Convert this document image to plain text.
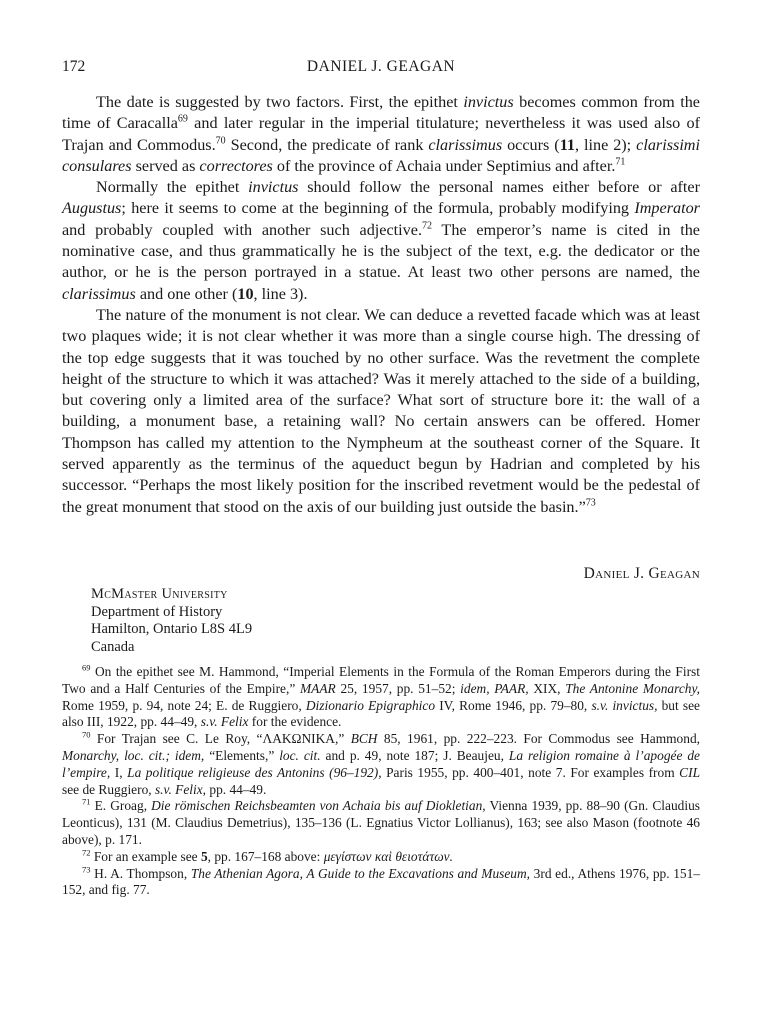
172	DANIEL J. GEAGAN

The date is suggested by two factors. First, the epithet invictus becomes common from the time of Caracalla$^{69}$ and later regular in the imperial titulature; nevertheless it was used also of Trajan and Commodus.$^{70}$ Second, the predicate of rank clarissimus occurs (11, line 2); clarissimi consulares served as correctores of the province of Achaia under Septimius and after.$^{71}$

Normally the epithet invictus should follow the personal names either before or after Augustus; here it seems to come at the beginning of the formula, probably modifying Imperator and probably coupled with another such adjective.$^{72}$ The emperor’s name is cited in the nominative case, and thus grammatically he is the subject of the text, e.g. the dedicator or the author, or he is the person portrayed in a statue. At least two other persons are named, the clarissimus and one other (10, line 3).

The nature of the monument is not clear. We can deduce a revetted facade which was at least two plaques wide; it is not clear whether it was more than a single course high. The dressing of the top edge suggests that it was touched by no other surface. Was the revetment the complete height of the structure to which it was attached? Was it merely attached to the side of a building, but covering only a limited area of the surface? What sort of structure bore it: the wall of a building, a monument base, a retaining wall? No certain answers can be offered. Homer Thompson has called my attention to the Nympheum at the southeast corner of the Square. It served apparently as the terminus of the aqueduct begun by Hadrian and completed by his successor. “Perhaps the most likely position for the inscribed revetment would be the pedestal of the great monument that stood on the axis of our building just outside the basin.”$^{73}$

Daniel J. Geagan
McMaster University
Department of History
Hamilton, Ontario L8S 4L9
Canada

$^{69}$ On the epithet see M. Hammond, “Imperial Elements in the Formula of the Roman Emperors during the First Two and a Half Centuries of the Empire,” MAAR 25, 1957, pp. 51–52; idem, PAAR, XIX, The Antonine Monarchy, Rome 1959, p. 94, note 24; E. de Ruggiero, Dizionario Epigraphico IV, Rome 1946, pp. 79–80, s.v. invictus, but see also III, 1922, pp. 44–49, s.v. Felix for the evidence.

$^{70}$ For Trajan see C. Le Roy, “ΛΑΚΩΝΙΚΑ,” BCH 85, 1961, pp. 222–223. For Commodus see Hammond, Monarchy, loc. cit.; idem, “Elements,” loc. cit. and p. 49, note 187; J. Beaujeu, La religion romaine à l’apogée de l’empire, I, La politique religieuse des Antonins (96–192), Paris 1955, pp. 400–401, note 7. For examples from CIL see de Ruggiero, s.v. Felix, pp. 44–49.

$^{71}$ E. Groag, Die römischen Reichsbeamten von Achaia bis auf Diokletian, Vienna 1939, pp. 88–90 (Gn. Claudius Leonticus), 131 (M. Claudius Demetrius), 135–136 (L. Egnatius Victor Lollianus), 163; see also Mason (footnote 46 above), p. 171.

$^{72}$ For an example see 5, pp. 167–168 above: μεγίστων καὶ θειοτάτων.

$^{73}$ H. A. Thompson, The Athenian Agora, A Guide to the Excavations and Museum, 3rd ed., Athens 1976, pp. 151–152, and fig. 77.
